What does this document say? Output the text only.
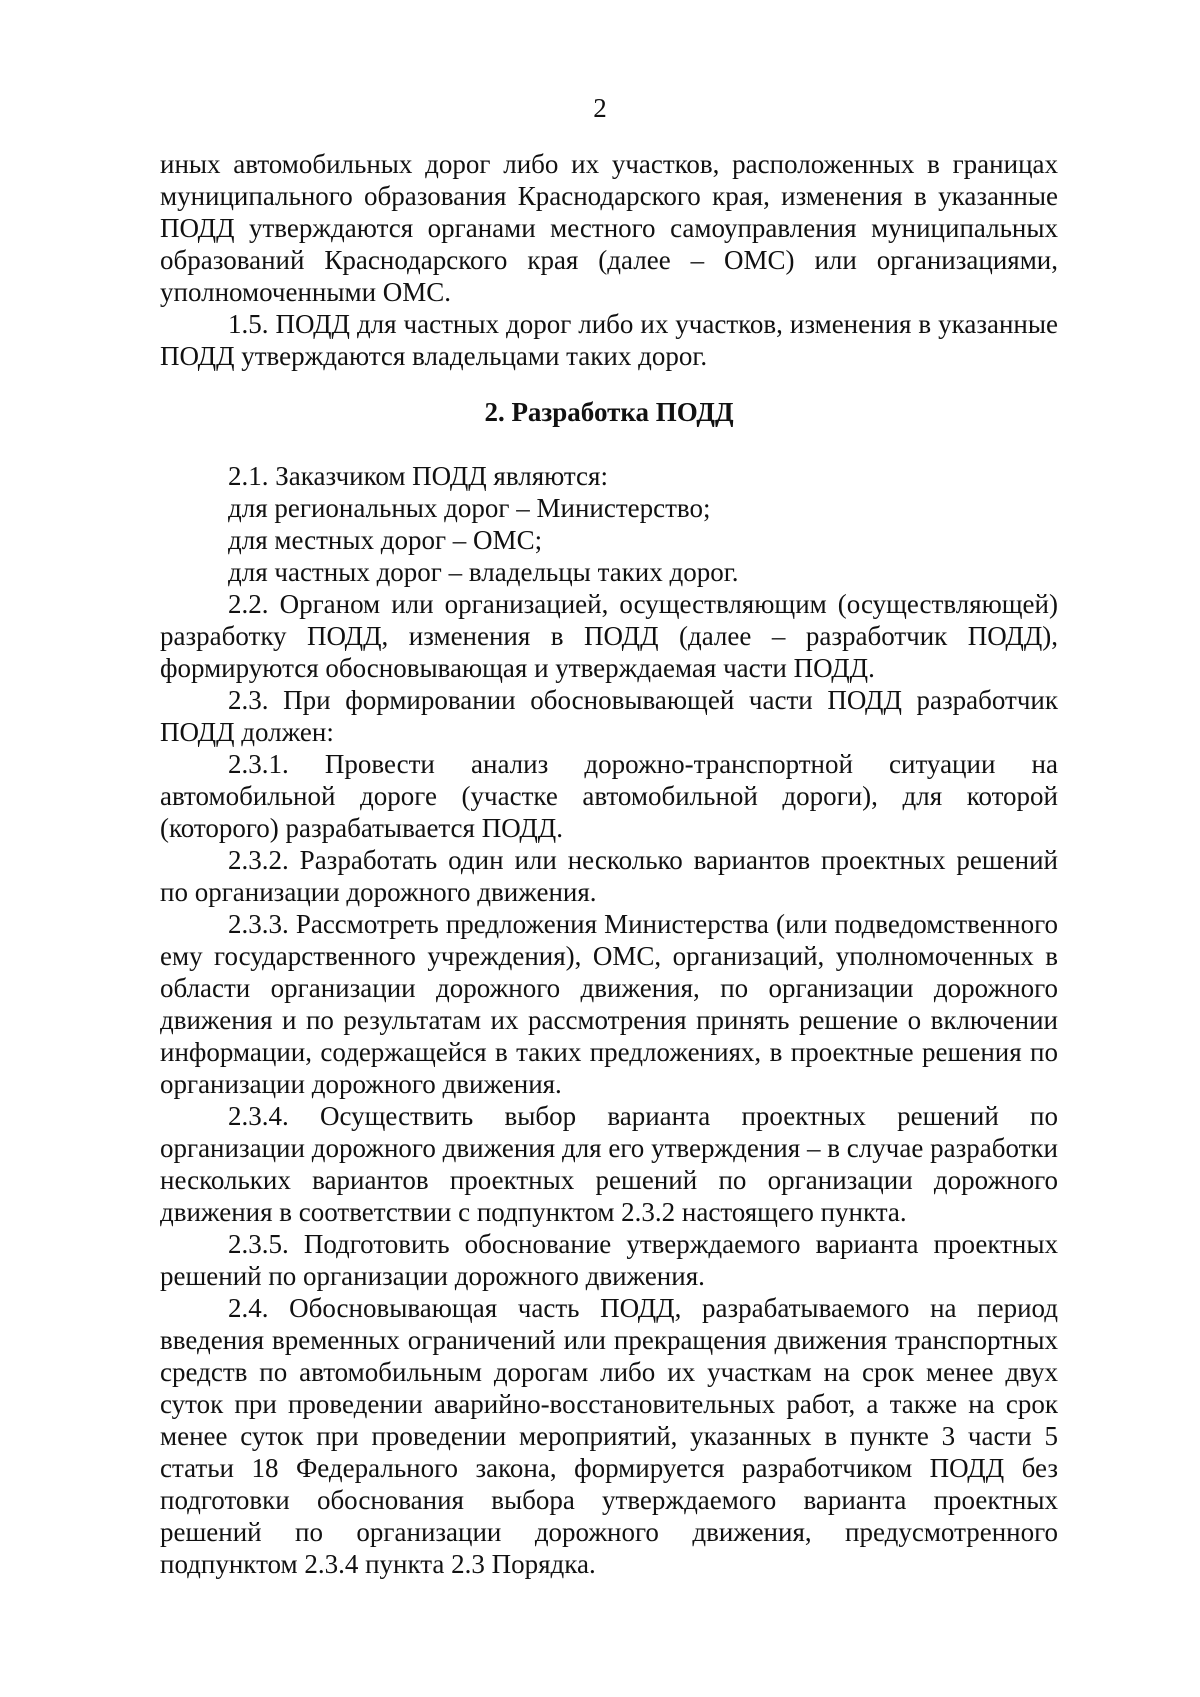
2

иных автомобильных дорог либо их участков, расположенных в границах муниципального образования Краснодарского края, изменения в указанные ПОДД утверждаются органами местного самоуправления муниципальных образований Краснодарского края (далее – ОМС) или организациями, уполномоченными ОМС.

1.5. ПОДД для частных дорог либо их участков, изменения в указанные ПОДД утверждаются владельцами таких дорог.

2. Разработка ПОДД

2.1. Заказчиком ПОДД являются:

для региональных дорог – Министерство;

для местных дорог – ОМС;

для частных дорог – владельцы таких дорог.

2.2. Органом или организацией, осуществляющим (осуществляющей) разработку ПОДД, изменения в ПОДД (далее – разработчик ПОДД), формируются обосновывающая и утверждаемая части ПОДД.

2.3. При формировании обосновывающей части ПОДД разработчик ПОДД должен:

2.3.1. Провести анализ дорожно-транспортной ситуации на автомобильной дороге (участке автомобильной дороги), для которой (которого) разрабатывается ПОДД.

2.3.2. Разработать один или несколько вариантов проектных решений по организации дорожного движения.

2.3.3. Рассмотреть предложения Министерства (или подведомственного ему государственного учреждения), ОМС, организаций, уполномоченных в области организации дорожного движения, по организации дорожного движения и по результатам их рассмотрения принять решение о включении информации, содержащейся в таких предложениях, в проектные решения по организации дорожного движения.

2.3.4. Осуществить выбор варианта проектных решений по организации дорожного движения для его утверждения – в случае разработки нескольких вариантов проектных решений по организации дорожного движения в соответствии с подпунктом 2.3.2 настоящего пункта.

2.3.5. Подготовить обоснование утверждаемого варианта проектных решений по организации дорожного движения.

2.4. Обосновывающая часть ПОДД, разрабатываемого на период введения временных ограничений или прекращения движения транспортных средств по автомобильным дорогам либо их участкам на срок менее двух суток при проведении аварийно-восстановительных работ, а также на срок менее суток при проведении мероприятий, указанных в пункте 3 части 5 статьи 18 Федерального закона, формируется разработчиком ПОДД без подготовки обоснования выбора утверждаемого варианта проектных решений по организации дорожного движения, предусмотренного подпунктом 2.3.4 пункта 2.3 Порядка.
